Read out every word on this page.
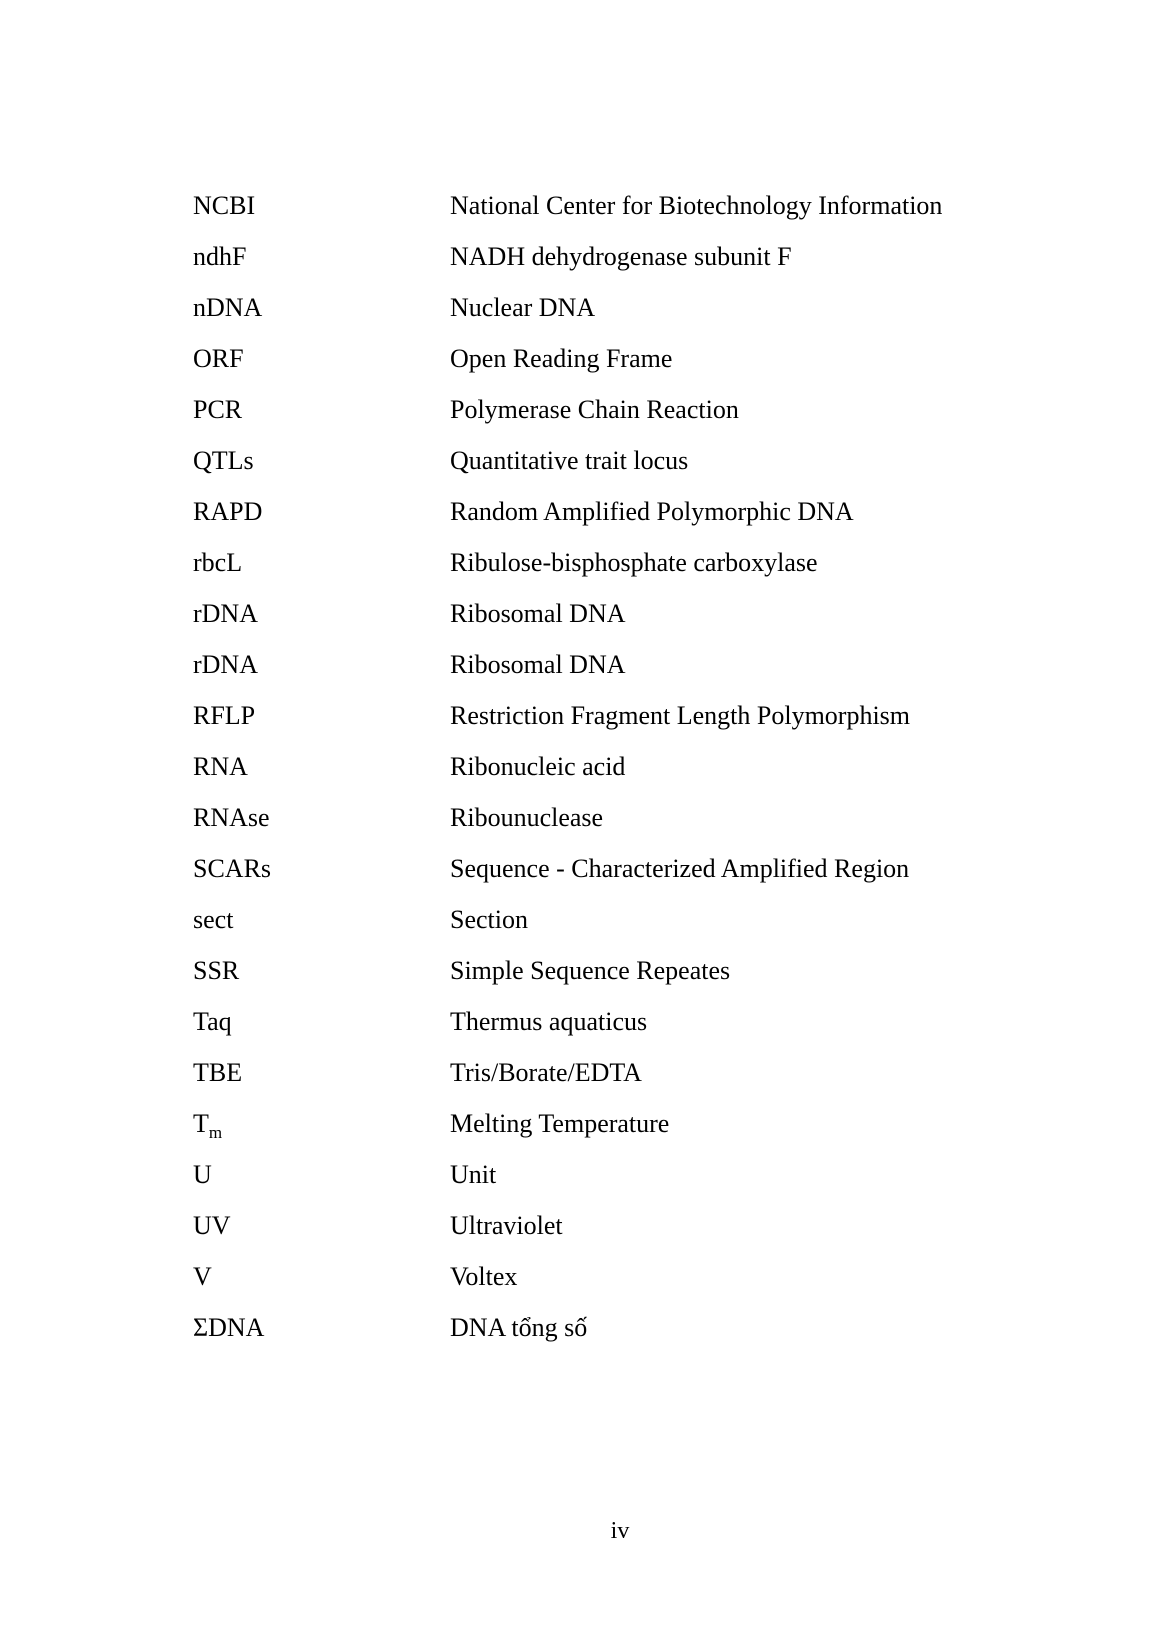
NCBI	National Center for Biotechnology Information
ndhF	NADH dehydrogenase subunit F
nDNA	Nuclear DNA
ORF	Open Reading Frame
PCR	Polymerase Chain Reaction
QTLs	Quantitative trait locus
RAPD	Random Amplified Polymorphic DNA
rbcL	Ribulose-bisphosphate carboxylase
rDNA	Ribosomal DNA
rDNA	Ribosomal DNA
RFLP	Restriction Fragment Length Polymorphism
RNA	Ribonucleic acid
RNAse	Ribounuclease
SCARs	Sequence - Characterized Amplified Region
sect	Section
SSR	Simple Sequence Repeates
Taq	Thermus aquaticus
TBE	Tris/Borate/EDTA
$T_m$	Melting Temperature
U	Unit
UV	Ultraviolet
V	Voltex
ΣDNA	DNA tổng số
iv
